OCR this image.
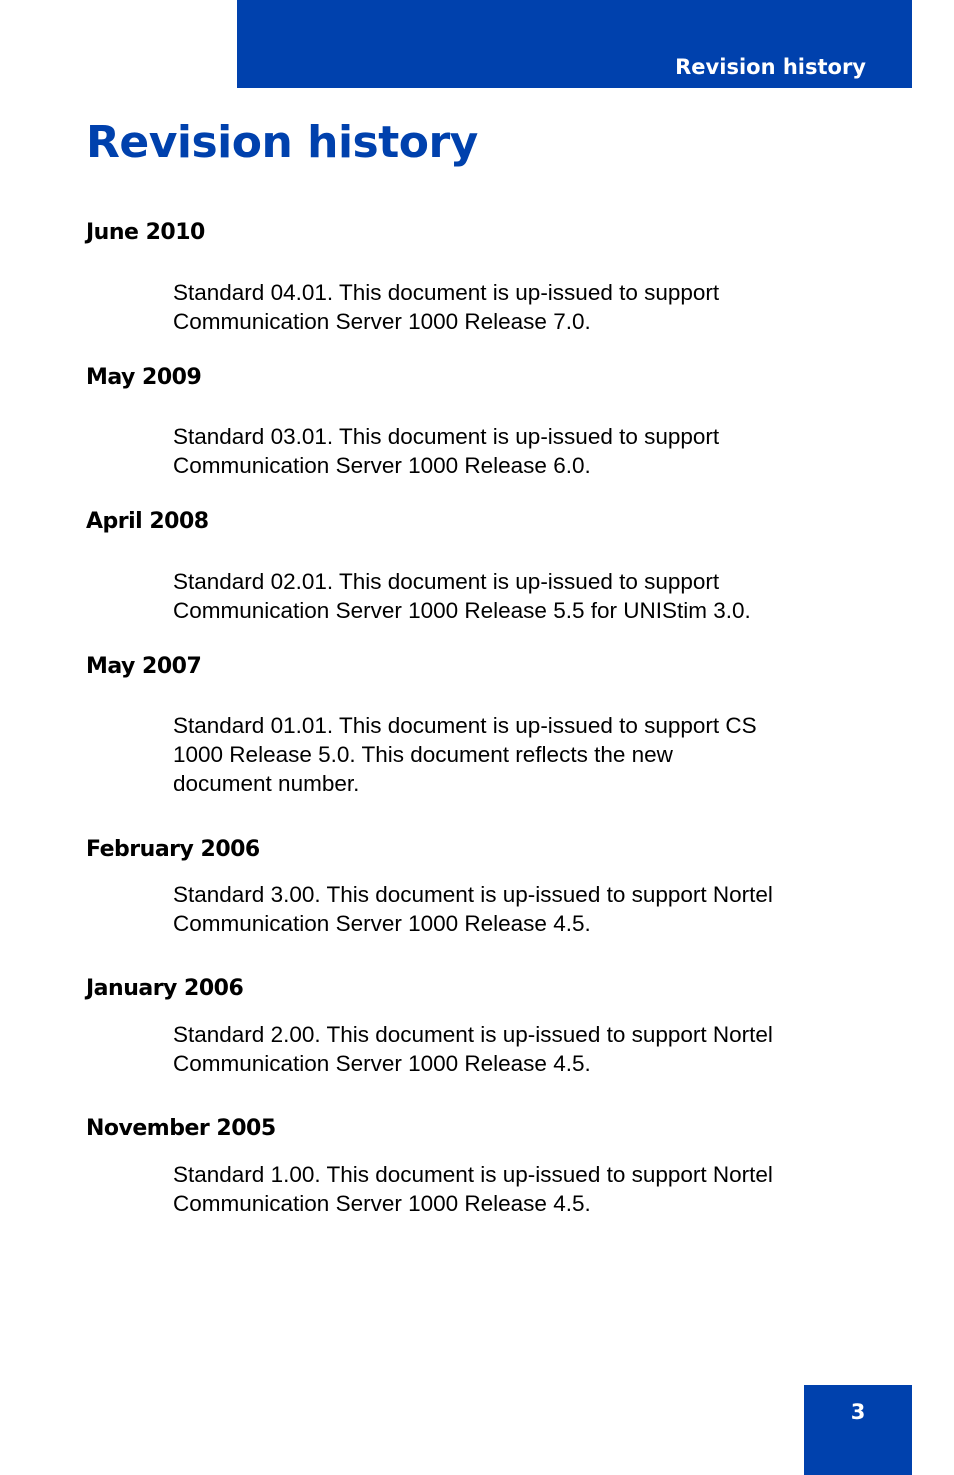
Revision history
Revision history
June 2010

Standard 04.01. This document is up-issued to support Communication Server 1000 Release 7.0.

May 2009

Standard 03.01. This document is up-issued to support Communication Server 1000 Release 6.0.

April 2008

Standard 02.01. This document is up-issued to support Communication Server 1000 Release 5.5 for UNIStim 3.0.

May 2007

Standard 01.01. This document is up-issued to support CS 1000 Release 5.0. This document reflects the new document number.

February 2006

Standard 3.00. This document is up-issued to support Nortel Communication Server 1000 Release 4.5.

January 2006

Standard 2.00. This document is up-issued to support Nortel Communication Server 1000 Release 4.5.

November 2005

Standard 1.00. This document is up-issued to support Nortel Communication Server 1000 Release 4.5.

3
